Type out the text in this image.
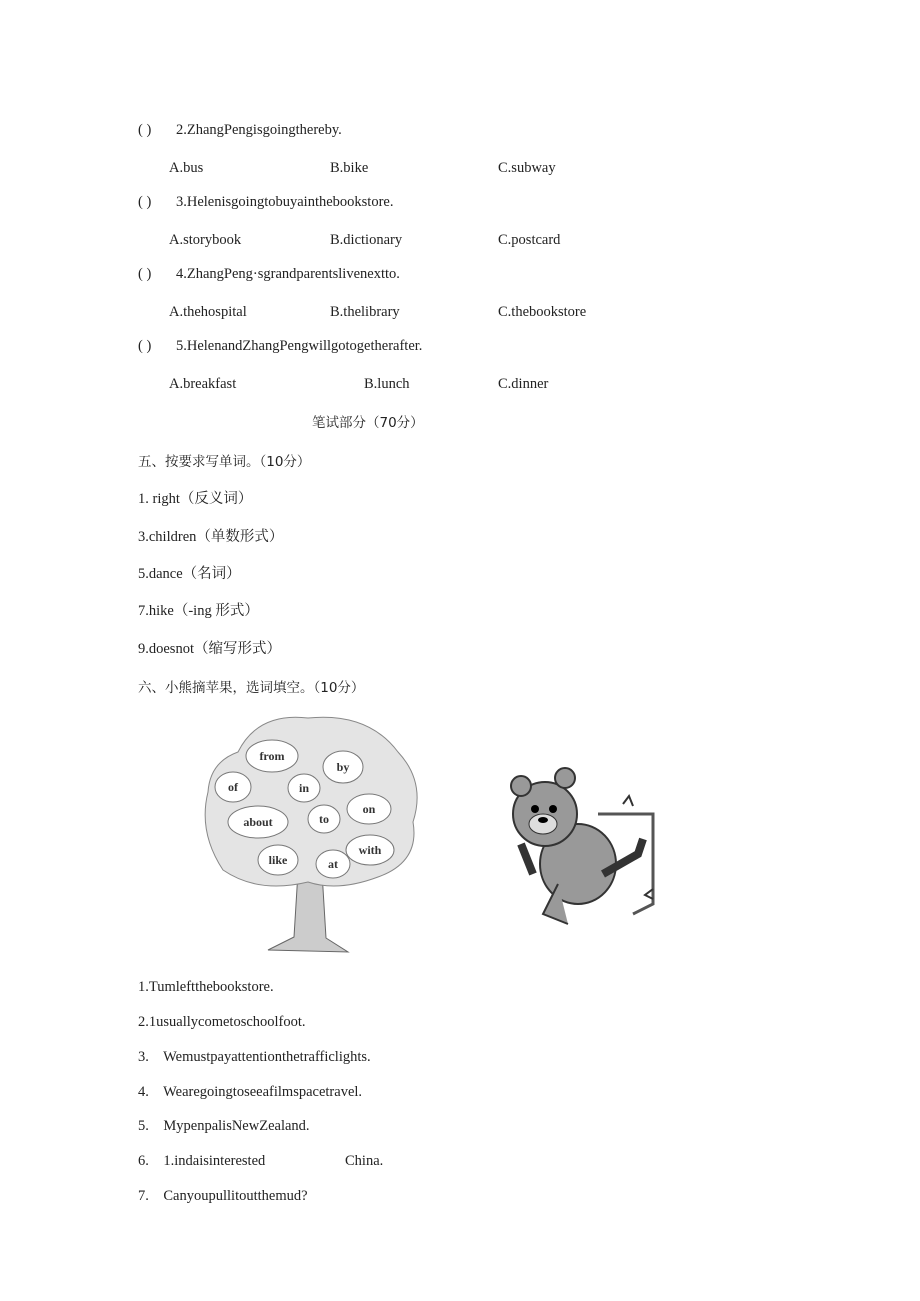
( ) 2.ZhangPengisgoingthereby.
A.bus	B.bike	C.subway
( ) 3.Helenisgoingtobuyainthebookstore.
A.storybook	B.dictionary	C.postcard
( ) 4.ZhangPeng·sgrandparentslivenextto.
A.thehospital	B.thelibrary	C.thebookstore
( ) 5.HelenandZhangPengwillgotogetherafter.
A.breakfast	B.lunch	C.dinner
笔试部分（70分）
五、按要求写单词。（10分）
1. right（反义词）
3.children（单数形式）
5.dance（名词）
7.hike（-ing 形式）
9.doesnot（缩写形式）
六、小熊摘苹果，选词填空。（10分）
from
by
of	in
on
about	to
like	at
with
1.Tumleftthebookstore.
2.1usuallycometoschoolfoot.
3.    Wemustpayattentionthetrafficlights.
4.    Wearegoingtoseeafilmspacetravel.
5.    MypenpalisNewZealand.
6.    1.indaisinterested	China.
7.    Canyoupullitoutthemud?
